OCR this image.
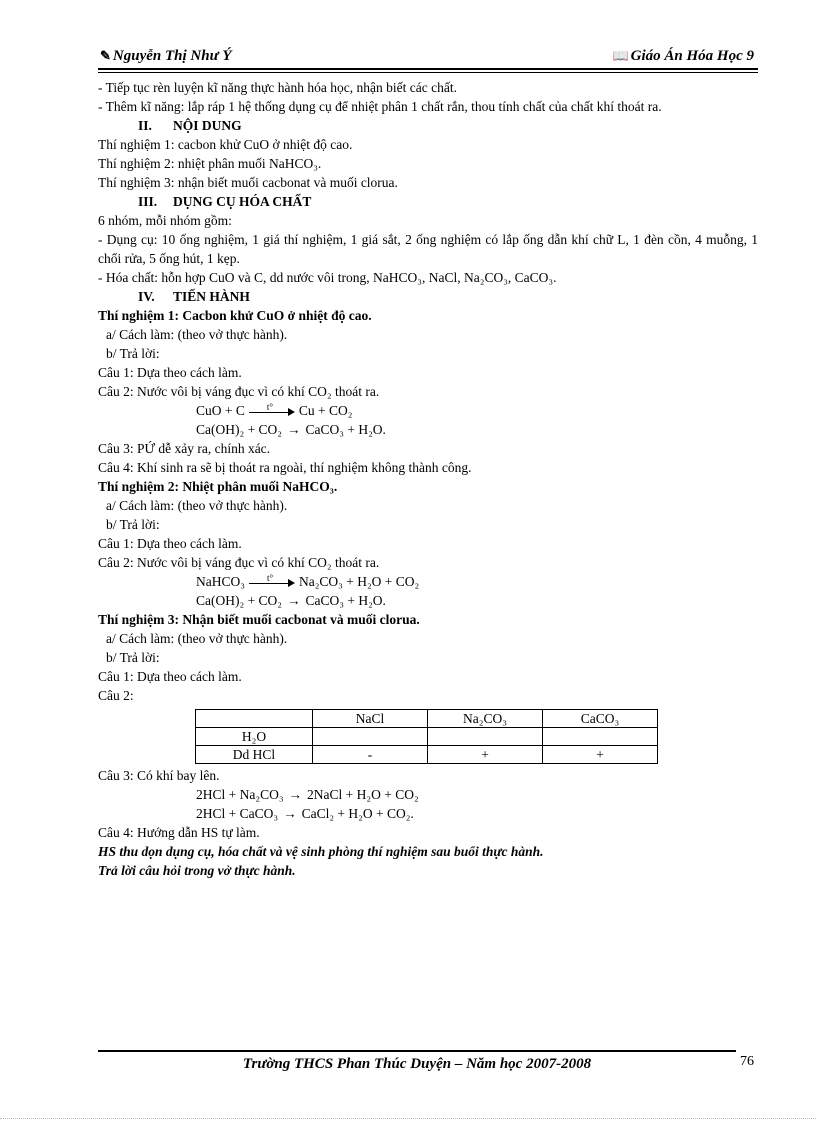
✎ Nguyễn Thị Như Ý	📖 Giáo Án Hóa Học 9

- Tiếp tục rèn luyện kĩ năng thực hành hóa học, nhận biết các chất.

- Thêm kĩ năng: lắp ráp 1 hệ thống dụng cụ để nhiệt phân 1 chất rắn, thou tính chất của chất khí thoát ra.

II. NỘI DUNG

Thí nghiệm 1: cacbon khử CuO ở nhiệt độ cao.

Thí nghiệm 2: nhiệt phân muối NaHCO₃.

Thí nghiệm 3: nhận biết muối cacbonat và muối clorua.

III. DỤNG CỤ HÓA CHẤT

6 nhóm, mỗi nhóm gồm:

- Dụng cụ: 10 ống nghiệm, 1 giá thí nghiệm, 1 giá sắt, 2 ống nghiệm có lắp ống dẫn khí chữ L, 1 đèn cồn, 4 muỗng, 1 chổi rửa, 5 ống hút, 1 kẹp.

- Hóa chất: hỗn hợp CuO và C, dd nước vôi trong, NaHCO₃, NaCl, Na₂CO₃, CaCO₃.

IV. TIẾN HÀNH

Thí nghiệm 1: Cacbon khử CuO ở nhiệt độ cao.

a/ Cách làm: (theo vở thực hành).

b/ Trả lời:

Câu 1: Dựa theo cách làm.

Câu 2: Nước vôi bị váng đục vì có khí CO₂ thoát ra.

CuO + C t° Cu + CO₂

Ca(OH)₂ + CO₂ → CaCO₃ + H₂O.

Câu 3: PỨ dễ xảy ra, chính xác.

Câu 4: Khí sinh ra sẽ bị thoát ra ngoài, thí nghiệm không thành công.

Thí nghiệm 2: Nhiệt phân muối NaHCO₃.

a/ Cách làm: (theo vở thực hành).

b/ Trả lời:

Câu 1: Dựa theo cách làm.

Câu 2: Nước vôi bị váng đục vì có khí CO₂ thoát ra.

NaHCO₃ t° Na₂CO₃ + H₂O + CO₂

Ca(OH)₂ + CO₂ → CaCO₃ + H₂O.

Thí nghiệm 3: Nhận biết muối cacbonat và muối clorua.

a/ Cách làm: (theo vở thực hành).

b/ Trả lời:

Câu 1: Dựa theo cách làm.

Câu 2:

	NaCl	Na₂CO₃	CaCO₃
H₂O			
Dd HCl	-	+	+

Câu 3: Có khí bay lên.

2HCl + Na₂CO₃ → 2NaCl + H₂O + CO₂

2HCl + CaCO₃ → CaCl₂ + H₂O + CO₂.

Câu 4: Hướng dẫn HS tự làm.

HS thu dọn dụng cụ, hóa chất và vệ sinh phòng thí nghiệm sau buổi thực hành.

Trả lời câu hỏi trong vở thực hành.

Trường THCS Phan Thúc Duyện – Năm học 2007-2008	76
